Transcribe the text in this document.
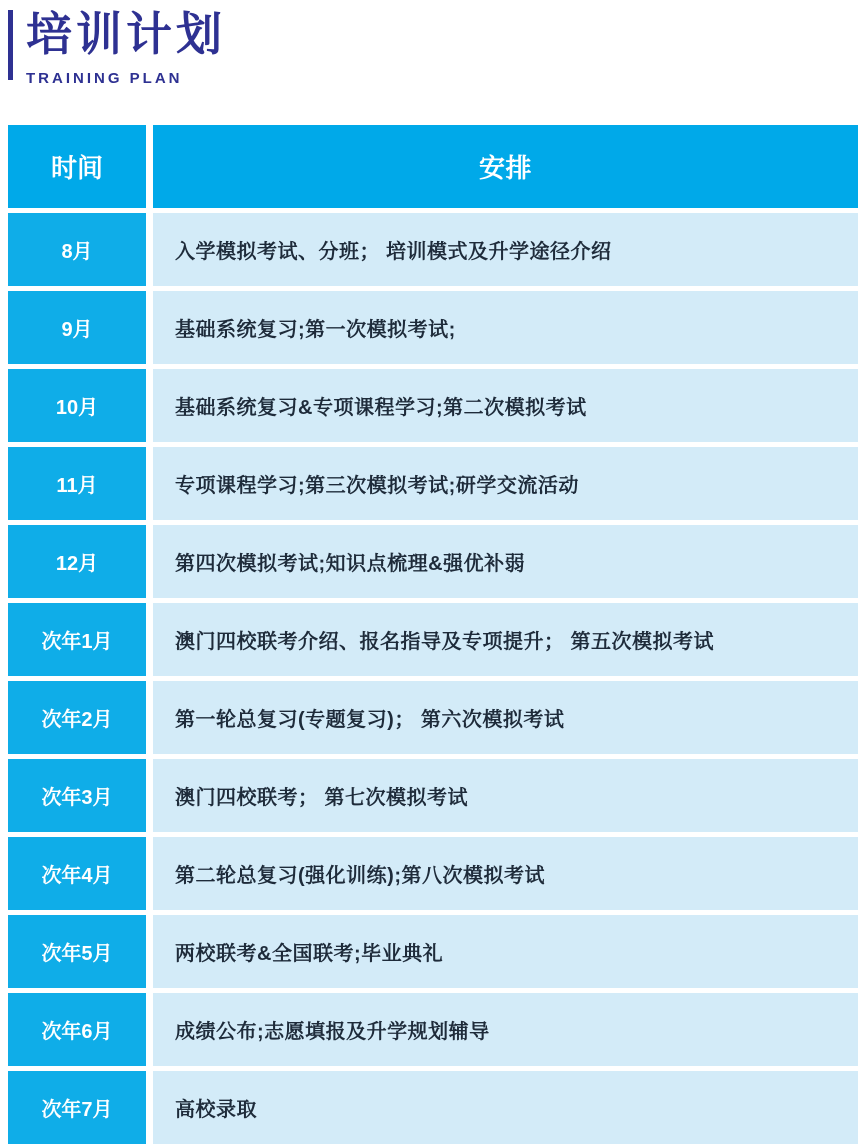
培训计划
TRAINING PLAN
时间	安排
8月	入学模拟考试、分班； 培训模式及升学途径介绍
9月	基础系统复习;第一次模拟考试;
10月	基础系统复习&专项课程学习;第二次模拟考试
11月	专项课程学习;第三次模拟考试;研学交流活动
12月	第四次模拟考试;知识点梳理&强优补弱
次年1月	澳门四校联考介绍、报名指导及专项提升； 第五次模拟考试
次年2月	第一轮总复习(专题复习)； 第六次模拟考试
次年3月	澳门四校联考； 第七次模拟考试
次年4月	第二轮总复习(强化训练);第八次模拟考试
次年5月	两校联考&全国联考;毕业典礼
次年6月	成绩公布;志愿填报及升学规划辅导
次年7月	高校录取
